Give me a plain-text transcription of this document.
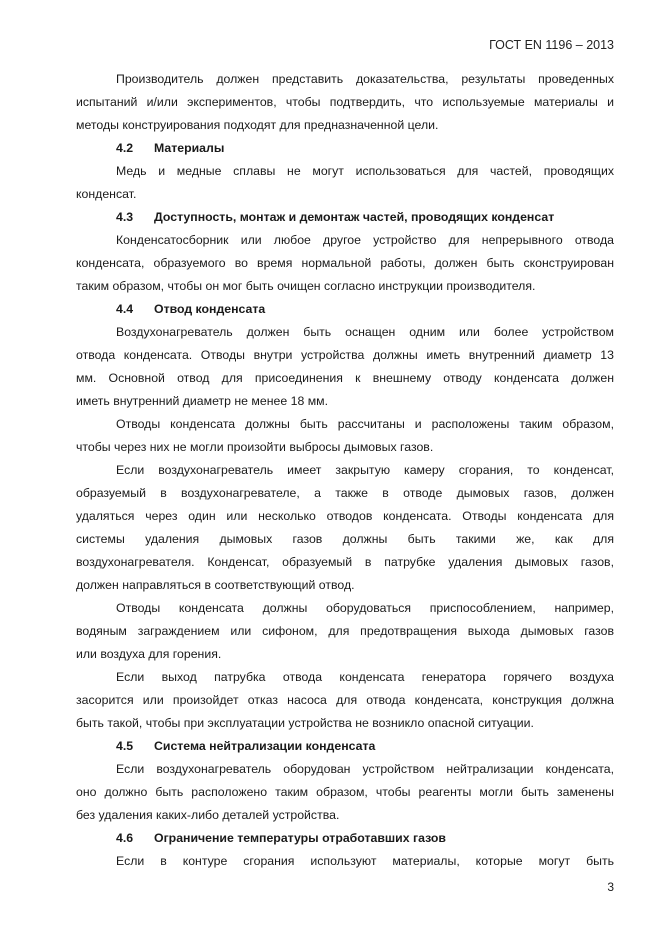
ГОСТ EN 1196 – 2013
Производитель должен представить доказательства, результаты проведенных
испытаний и/или экспериментов, чтобы подтвердить, что используемые материалы и
методы конструирования подходят для предназначенной цели.
4.2 Материалы
Медь и медные сплавы не могут использоваться для частей, проводящих
конденсат.
4.3 Доступность, монтаж и демонтаж частей, проводящих конденсат
Конденсатосборник или любое другое устройство для непрерывного отвода
конденсата, образуемого во время нормальной работы, должен быть сконструирован
таким образом, чтобы он мог быть очищен согласно инструкции производителя.
4.4 Отвод конденсата
Воздухонагреватель должен быть оснащен одним или более устройством
отвода конденсата. Отводы внутри устройства должны иметь внутренний диаметр 13
мм. Основной отвод для присоединения к внешнему отводу конденсата должен
иметь внутренний диаметр не менее 18 мм.
Отводы конденсата должны быть рассчитаны и расположены таким образом,
чтобы через них не могли произойти выбросы дымовых газов.
Если воздухонагреватель имеет закрытую камеру сгорания, то конденсат,
образуемый в воздухонагревателе, а также в отводе дымовых газов, должен
удаляться через один или несколько отводов конденсата. Отводы конденсата для
системы удаления дымовых газов должны быть такими же, как для
воздухонагревателя. Конденсат, образуемый в патрубке удаления дымовых газов,
должен направляться в соответствующий отвод.
Отводы конденсата должны оборудоваться приспособлением, например,
водяным заграждением или сифоном, для предотвращения выхода дымовых газов
или воздуха для горения.
Если выход патрубка отвода конденсата генератора горячего воздуха
засорится или произойдет отказ насоса для отвода конденсата, конструкция должна
быть такой, чтобы при эксплуатации устройства не возникло опасной ситуации.
4.5 Система нейтрализации конденсата
Если воздухонагреватель оборудован устройством нейтрализации конденсата,
оно должно быть расположено таким образом, чтобы реагенты могли быть заменены
без удаления каких-либо деталей устройства.
4.6 Ограничение температуры отработавших газов
Если в контуре сгорания используют материалы, которые могут быть
3
